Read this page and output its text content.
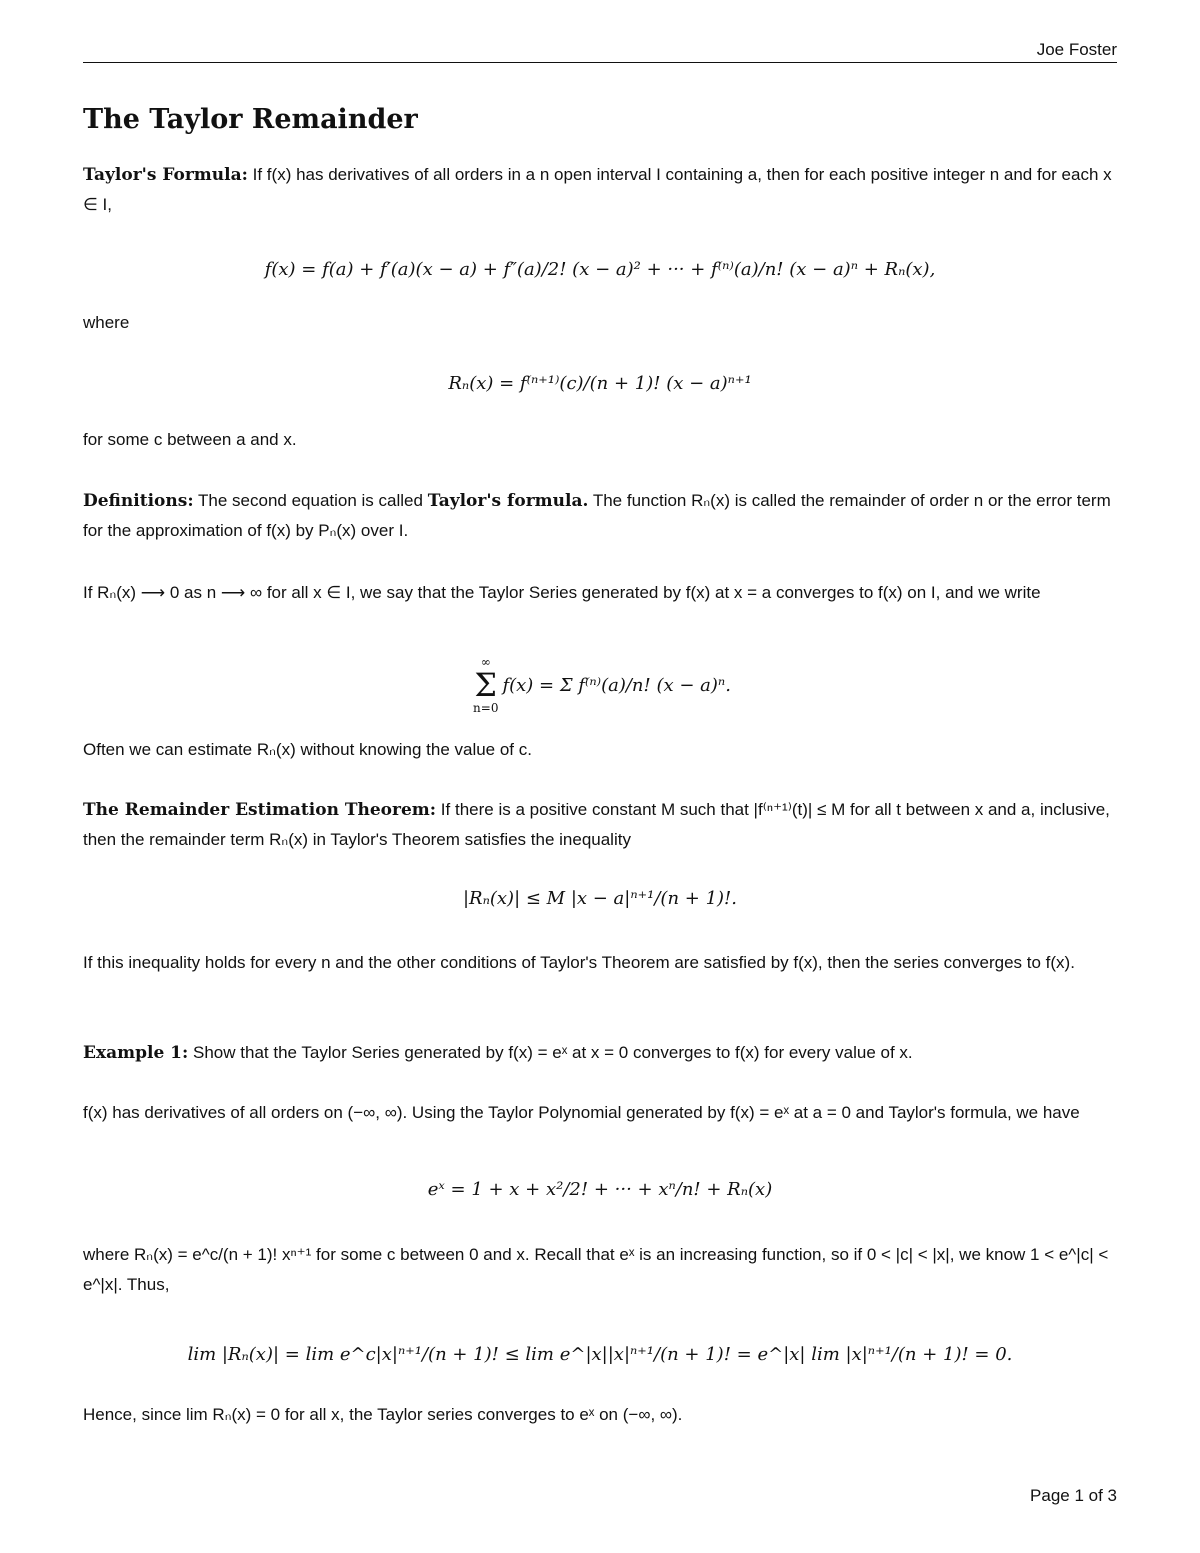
Joe Foster
The Taylor Remainder

Taylor's Formula: If f(x) has derivatives of all orders in a n open interval I containing a, then for each positive integer n and for each x ∈ I,

f(x) = f(a) + f′(a)(x − a) + f″(a)/2! (x − a)² + ··· + f⁽ⁿ⁾(a)/n! (x − a)ⁿ + Rₙ(x),

where

Rₙ(x) = f⁽ⁿ⁺¹⁾(c)/(n + 1)! (x − a)ⁿ⁺¹

for some c between a and x.

Definitions: The second equation is called Taylor's formula. The function Rₙ(x) is called the remainder of order n or the error term for the approximation of f(x) by Pₙ(x) over I.

If Rₙ(x) ⟶ 0 as n ⟶ ∞ for all x ∈ I, we say that the Taylor Series generated by f(x) at x = a converges to f(x) on I, and we write

∞
Σ
n=0
f(x) = Σ f⁽ⁿ⁾(a)/n! (x − a)ⁿ.

Often we can estimate Rₙ(x) without knowing the value of c.

The Remainder Estimation Theorem: If there is a positive constant M such that |f⁽ⁿ⁺¹⁾(t)| ≤ M for all t between x and a, inclusive, then the remainder term Rₙ(x) in Taylor's Theorem satisfies the inequality

|Rₙ(x)| ≤ M |x − a|ⁿ⁺¹/(n + 1)!.

If this inequality holds for every n and the other conditions of Taylor's Theorem are satisfied by f(x), then the series converges to f(x).

Example 1: Show that the Taylor Series generated by f(x) = eˣ at x = 0 converges to f(x) for every value of x.

f(x) has derivatives of all orders on (−∞, ∞). Using the Taylor Polynomial generated by f(x) = eˣ at a = 0 and Taylor's formula, we have

eˣ = 1 + x + x²/2! + ··· + xⁿ/n! + Rₙ(x)

where Rₙ(x) = e^c/(n + 1)! xⁿ⁺¹ for some c between 0 and x. Recall that eˣ is an increasing function, so if 0 < |c| < |x|, we know 1 < e^|c| < e^|x|. Thus,

lim |Rₙ(x)| = lim e^c|x|ⁿ⁺¹/(n + 1)! ≤ lim e^|x||x|ⁿ⁺¹/(n + 1)! = e^|x| lim |x|ⁿ⁺¹/(n + 1)! = 0.

Hence, since lim Rₙ(x) = 0 for all x, the Taylor series converges to eˣ on (−∞, ∞).

Page 1 of 3
